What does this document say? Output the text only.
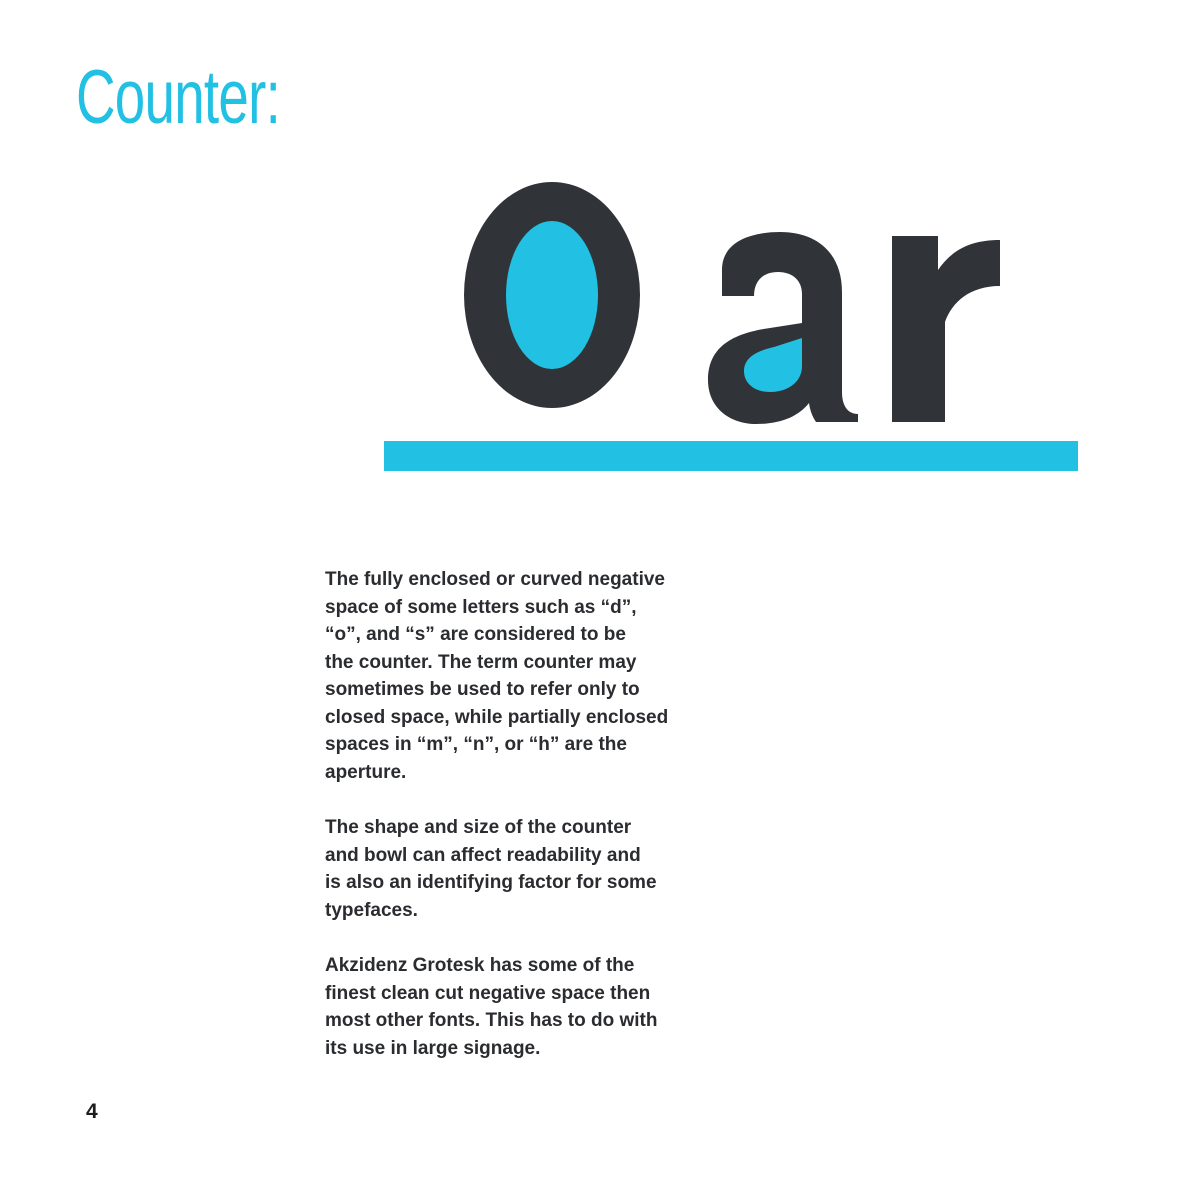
Counter:

The fully enclosed or curved negative
space of some letters such as “d”,
“o”, and “s” are considered to be
the counter. The term counter may
sometimes be used to refer only to
closed space, while partially enclosed
spaces in “m”, “n”, or “h” are the
aperture.

The shape and size of the counter
and bowl can affect readability and
is also an identifying factor for some
typefaces.

Akzidenz Grotesk has some of the
finest clean cut negative space then
most other fonts. This has to do with
its use in large signage.

4
